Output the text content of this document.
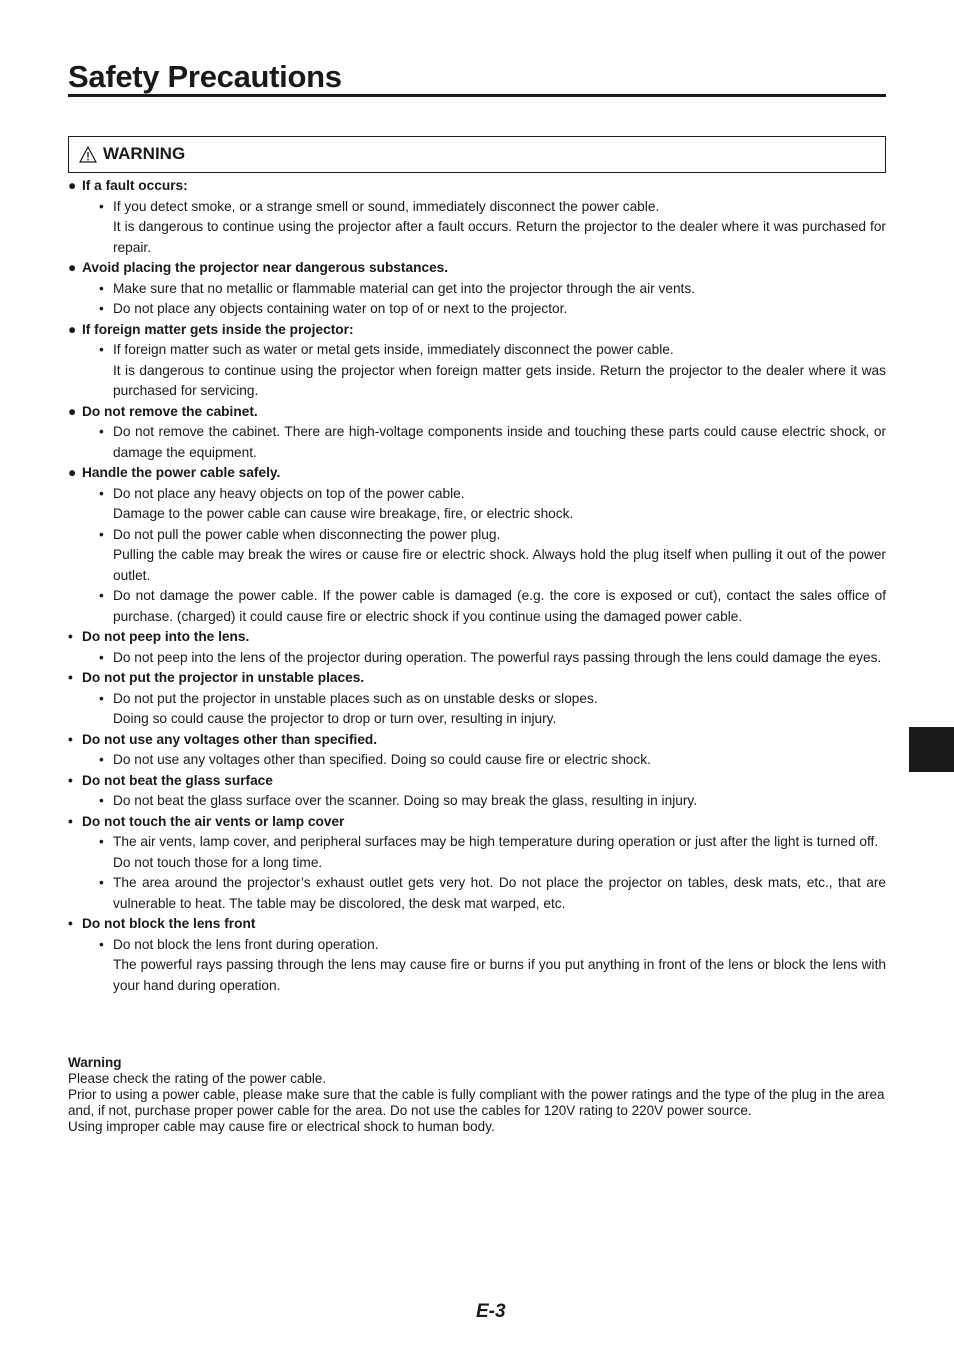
Safety Precautions
WARNING
● If a fault occurs:
• If you detect smoke, or a strange smell or sound, immediately disconnect the power cable.
It is dangerous to continue using the projector after a fault occurs. Return the projector to the dealer where it was purchased for repair.
● Avoid placing the projector near dangerous substances.
• Make sure that no metallic or flammable material can get into the projector through the air vents.
• Do not place any objects containing water on top of or next to the projector.
● If foreign matter gets inside the projector:
• If foreign matter such as water or metal gets inside, immediately disconnect the power cable.
It is dangerous to continue using the projector when foreign matter gets inside. Return the projector to the dealer where it was purchased for servicing.
● Do not remove the cabinet.
• Do not remove the cabinet. There are high-voltage components inside and touching these parts could cause electric shock, or damage the equipment.
● Handle the power cable safely.
• Do not place any heavy objects on top of the power cable.
Damage to the power cable can cause wire breakage, fire, or electric shock.
• Do not pull the power cable when disconnecting the power plug.
Pulling the cable may break the wires or cause fire or electric shock. Always hold the plug itself when pulling it out of the power outlet.
• Do not damage the power cable. If the power cable is damaged (e.g. the core is exposed or cut), contact the sales office of purchase. (charged) it could cause fire or electric shock if you continue using the damaged power cable.
• Do not peep into the lens.
• Do not peep into the lens of the projector during operation. The powerful rays passing through the lens could damage the eyes.
• Do not put the projector in unstable places.
• Do not put the projector in unstable places such as on unstable desks or slopes.
Doing so could cause the projector to drop or turn over, resulting in injury.
• Do not use any voltages other than specified.
• Do not use any voltages other than specified. Doing so could cause fire or electric shock.
• Do not beat the glass surface
• Do not beat the glass surface over the scanner. Doing so may break the glass, resulting in injury.
• Do not touch the air vents or lamp cover
• The air vents, lamp cover, and peripheral surfaces may be high temperature during operation or just after the light is turned off.
Do not touch those for a long time.
• The area around the projector’s exhaust outlet gets very hot. Do not place the projector on tables, desk mats, etc., that are vulnerable to heat. The table may be discolored, the desk mat warped, etc.
• Do not block the lens front
• Do not block the lens front during operation.
The powerful rays passing through the lens may cause fire or burns if you put anything in front of the lens or block the lens with your hand during operation.
Warning
Please check the rating of the power cable.
Prior to using a power cable, please make sure that the cable is fully compliant with the power ratings and the type of the plug in the area and, if not, purchase proper power cable for the area. Do not use the cables for 120V rating to 220V power source.
Using improper cable may cause fire or electrical shock to human body.
E-3
